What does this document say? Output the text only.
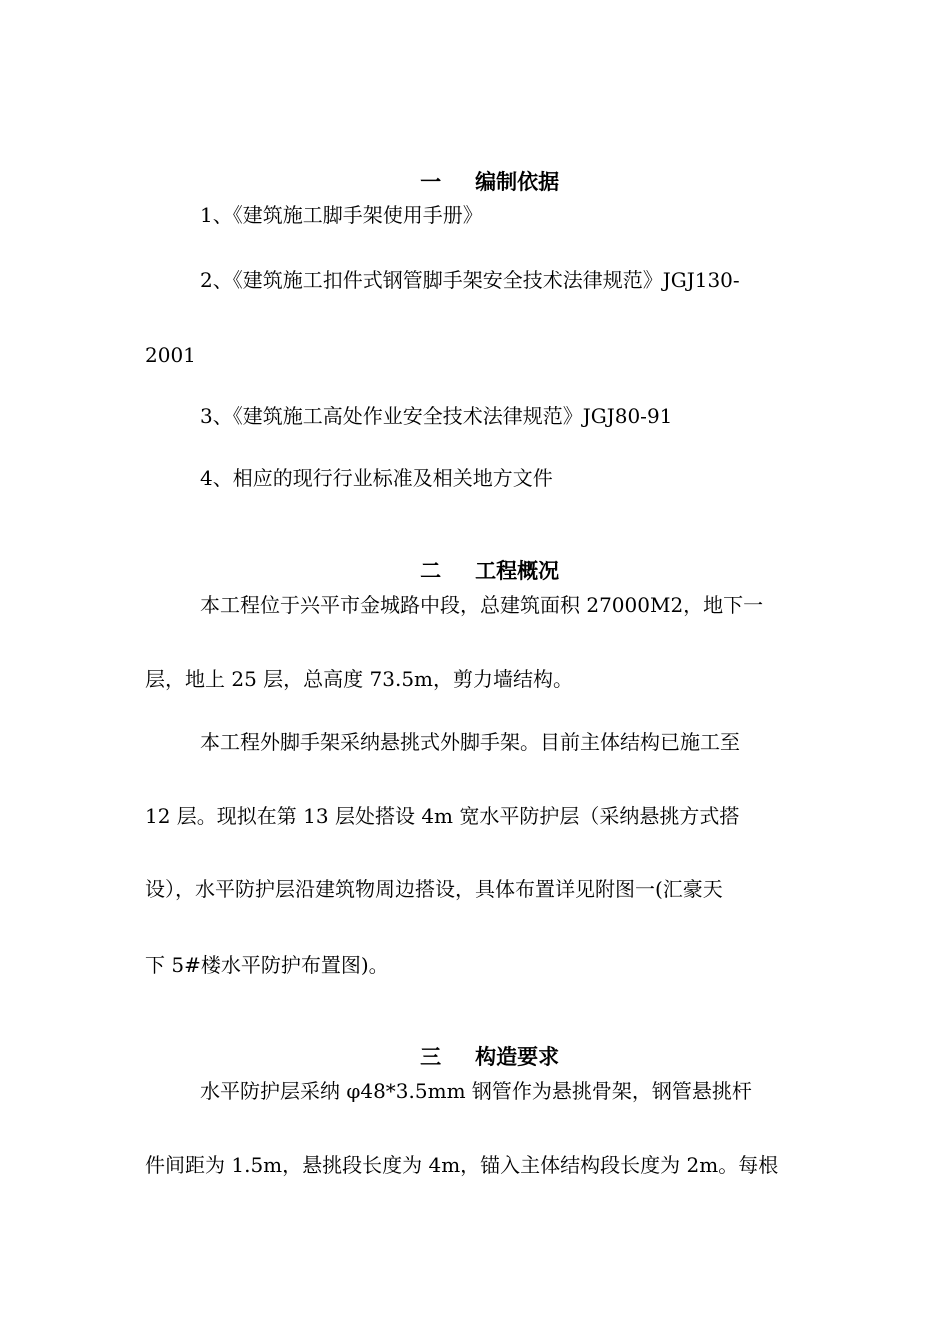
一 编制依据

1、《建筑施工脚手架使用手册》
2、《建筑施工扣件式钢管脚手架安全技术法律规范》JGJ130-
2001
3、《建筑施工高处作业安全技术法律规范》JGJ80-91
4、相应的现行行业标准及相关地方文件

二 工程概况

本工程位于兴平市金城路中段，总建筑面积 27000M2，地下一
层，地上 25 层，总高度 73.5m，剪力墙结构。
本工程外脚手架采纳悬挑式外脚手架。目前主体结构已施工至
12 层。现拟在第 13 层处搭设 4m 宽水平防护层（采纳悬挑方式搭
设），水平防护层沿建筑物周边搭设，具体布置详见附图一(汇豪天
下 5#楼水平防护布置图)。

三 构造要求

水平防护层采纳 φ48*3.5mm 钢管作为悬挑骨架，钢管悬挑杆
件间距为 1.5m，悬挑段长度为 4m，锚入主体结构段长度为 2m。每根
